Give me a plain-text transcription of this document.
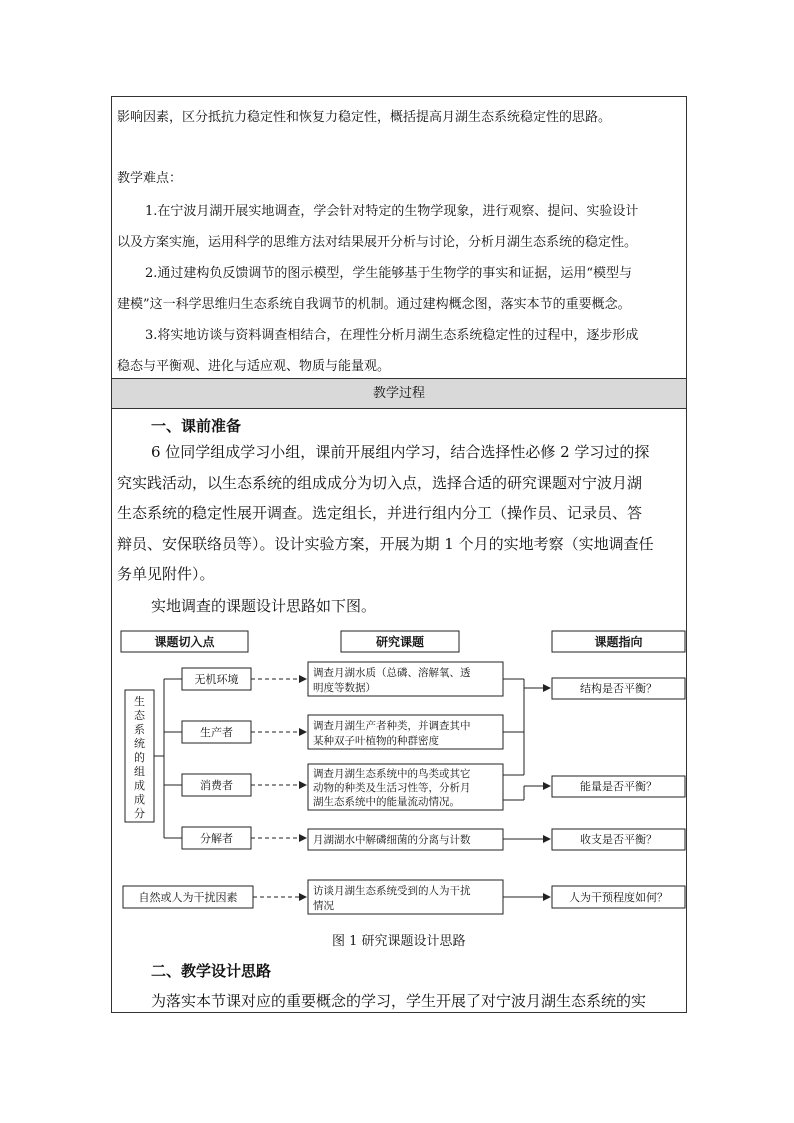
影响因素，区分抵抗力稳定性和恢复力稳定性，概括提高月湖生态系统稳定性的思路。
教学难点：
1.在宁波月湖开展实地调查，学会针对特定的生物学现象，进行观察、提问、实验设计
以及方案实施，运用科学的思维方法对结果展开分析与讨论，分析月湖生态系统的稳定性。
2.通过建构负反馈调节的图示模型，学生能够基于生物学的事实和证据，运用“模型与
建模”这一科学思维归生态系统自我调节的机制。通过建构概念图，落实本节的重要概念。
3.将实地访谈与资料调查相结合，在理性分析月湖生态系统稳定性的过程中，逐步形成
稳态与平衡观、进化与适应观、物质与能量观。
教学过程
一、课前准备
6 位同学组成学习小组，课前开展组内学习，结合选择性必修 2 学习过的探
究实践活动，以生态系统的组成成分为切入点，选择合适的研究课题对宁波月湖
生态系统的稳定性展开调查。选定组长，并进行组内分工（操作员、记录员、答
辩员、安保联络员等）。设计实验方案，开展为期 1 个月的实地考察（实地调查任
务单见附件）。
实地调查的课题设计思路如下图。
图 1 研究课题设计思路
二、教学设计思路
为落实本节课对应的重要概念的学习，学生开展了对宁波月湖生态系统的实
课题切入点	研究课题	课题指向
生
态
系
统
的
组
成
成
分
无机环境
生产者
消费者
分解者
调查月湖水质（总磷、溶解氧、透
明度等数据）
调查月湖生产者种类，并调查其中
某种双子叶植物的种群密度
调查月湖生态系统中的鸟类或其它
动物的种类及生活习性等，分析月
湖生态系统中的能量流动情况。
月湖湖水中解磷细菌的分离与计数
自然或人为干扰因素	访谈月湖生态系统受到的人为干扰
情况
结构是否平衡？
能量是否平衡？
收支是否平衡？
人为干预程度如何？
